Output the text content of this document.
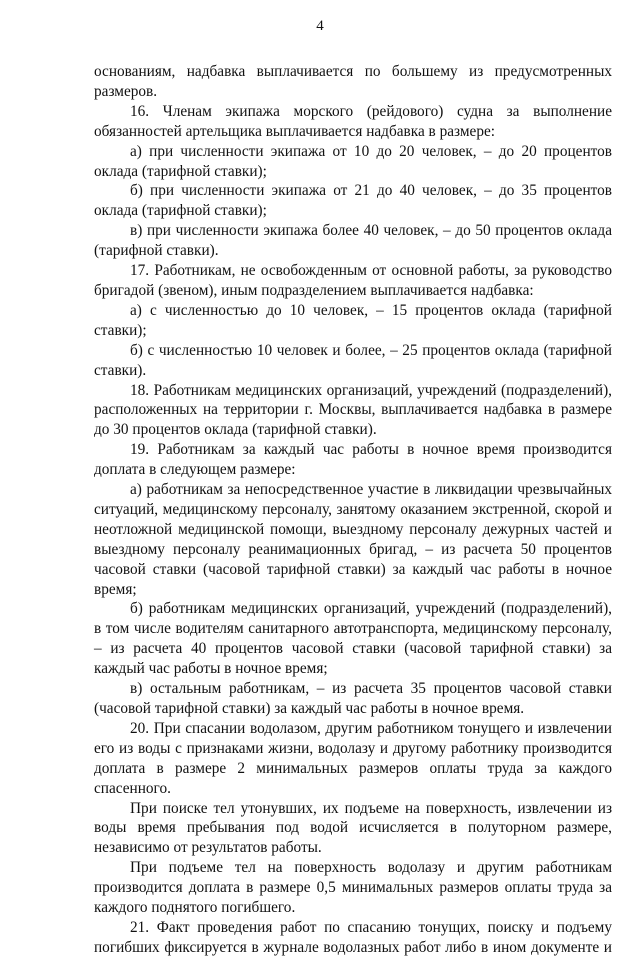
4

основаниям, надбавка выплачивается по большему из предусмотренных размеров.

16. Членам экипажа морского (рейдового) судна за выполнение обязанностей артельщика выплачивается надбавка в размере:

а) при численности экипажа от 10 до 20 человек, – до 20 процентов оклада (тарифной ставки);

б) при численности экипажа от 21 до 40 человек, – до 35 процентов оклада (тарифной ставки);

в) при численности экипажа более 40 человек, – до 50 процентов оклада (тарифной ставки).

17. Работникам, не освобожденным от основной работы, за руководство бригадой (звеном), иным подразделением выплачивается надбавка:

а) с численностью до 10 человек, – 15 процентов оклада (тарифной ставки);

б) с численностью 10 человек и более, – 25 процентов оклада (тарифной ставки).

18. Работникам медицинских организаций, учреждений (подразделений), расположенных на территории г. Москвы, выплачивается надбавка в размере до 30 процентов оклада (тарифной ставки).

19. Работникам за каждый час работы в ночное время производится доплата в следующем размере:

а) работникам за непосредственное участие в ликвидации чрезвычайных ситуаций, медицинскому персоналу, занятому оказанием экстренной, скорой и неотложной медицинской помощи, выездному персоналу дежурных частей и выездному персоналу реанимационных бригад, – из расчета 50 процентов часовой ставки (часовой тарифной ставки) за каждый час работы в ночное время;

б) работникам медицинских организаций, учреждений (подразделений), в том числе водителям санитарного автотранспорта, медицинскому персоналу, – из расчета 40 процентов часовой ставки (часовой тарифной ставки) за каждый час работы в ночное время;

в) остальным работникам, – из расчета 35 процентов часовой ставки (часовой тарифной ставки) за каждый час работы в ночное время.

20. При спасании водолазом, другим работником тонущего и извлечении его из воды с признаками жизни, водолазу и другому работнику производится доплата в размере 2 минимальных размеров оплаты труда за каждого спасенного.

При поиске тел утонувших, их подъеме на поверхность, извлечении из воды время пребывания под водой исчисляется в полуторном размере, независимо от результатов работы.

При подъеме тел на поверхность водолазу и другим работникам производится доплата в размере 0,5 минимальных размеров оплаты труда за каждого поднятого погибшего.

21. Факт проведения работ по спасанию тонущих, поиску и подъему погибших фиксируется в журнале водолазных работ либо в ином документе и
